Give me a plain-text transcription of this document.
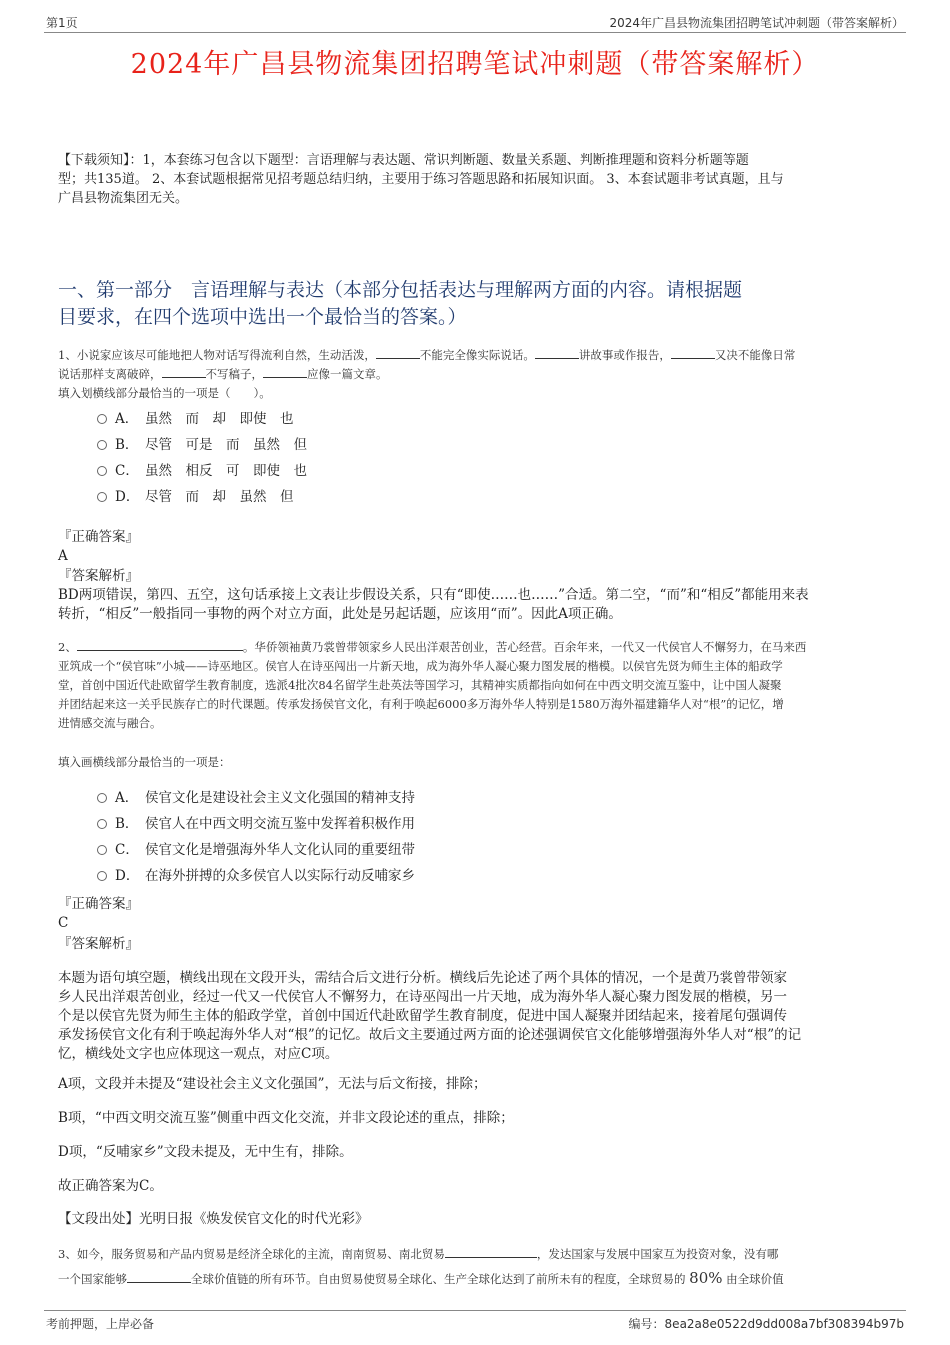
第1页	2024年广昌县物流集团招聘笔试冲刺题（带答案解析）
2024年广昌县物流集团招聘笔试冲刺题（带答案解析）
【下载须知】：1，本套练习包含以下题型：言语理解与表达题、常识判断题、数量关系题、判断推理题和资料分析题等题
型；共135道。 2、本套试题根据常见招考题总结归纳，主要用于练习答题思路和拓展知识面。 3、本套试题非考试真题，且与
广昌县物流集团无关。
一、第一部分　言语理解与表达（本部分包括表达与理解两方面的内容。请根据题
目要求，在四个选项中选出一个最恰当的答案。）
1、小说家应该尽可能地把人物对话写得流利自然，生动活泼，	不能完全像实际说话。	讲故事或作报告，	又决不能像日常
说话那样支离破碎，	不写稿子，	应像一篇文章。
填入划横线部分最恰当的一项是（　　）。
A． 虽然　而　却　即使　也
B． 尽管　可是　而　虽然　但
C． 虽然　相反　可　即使　也
D． 尽管　而　却　虽然　但
『正确答案』
A
『答案解析』
BD两项错误，第四、五空，这句话承接上文表让步假设关系，只有“即使……也……”合适。第二空，“而”和“相反”都能用来表
转折，“相反”一般指同一事物的两个对立方面，此处是另起话题，应该用“而”。因此A项正确。
2、	。华侨领袖黄乃裳曾带领家乡人民出洋艰苦创业，苦心经营。百余年来，一代又一代侯官人不懈努力，在马来西
亚筑成一个“侯官味”小城——诗巫地区。侯官人在诗巫闯出一片新天地，成为海外华人凝心聚力图发展的楷模。以侯官先贤为师生主体的船政学
堂，首创中国近代赴欧留学生教育制度，选派4批次84名留学生赴英法等国学习，其精神实质都指向如何在中西文明交流互鉴中，让中国人凝聚
并团结起来这一关乎民族存亡的时代课题。传承发扬侯官文化，有利于唤起6000多万海外华人特别是1580万海外福建籍华人对“根”的记忆，增
进情感交流与融合。
填入画横线部分最恰当的一项是：
A． 侯官文化是建设社会主义文化强国的精神支持
B． 侯官人在中西文明交流互鉴中发挥着积极作用
C． 侯官文化是增强海外华人文化认同的重要纽带
D． 在海外拼搏的众多侯官人以实际行动反哺家乡
『正确答案』
C
『答案解析』
本题为语句填空题，横线出现在文段开头，需结合后文进行分析。横线后先论述了两个具体的情况，一个是黄乃裳曾带领家
乡人民出洋艰苦创业，经过一代又一代侯官人不懈努力，在诗巫闯出一片天地，成为海外华人凝心聚力图发展的楷模，另一
个是以侯官先贤为师生主体的船政学堂，首创中国近代赴欧留学生教育制度，促进中国人凝聚并团结起来，接着尾句强调传
承发扬侯官文化有利于唤起海外华人对“根”的记忆。故后文主要通过两方面的论述强调侯官文化能够增强海外华人对“根”的记
忆，横线处文字也应体现这一观点，对应C项。
A项，文段并未提及“建设社会主义文化强国”，无法与后文衔接，排除；
B项，“中西文明交流互鉴”侧重中西文化交流，并非文段论述的重点，排除；
D项，“反哺家乡”文段未提及，无中生有，排除。
故正确答案为C。
【文段出处】光明日报《焕发侯官文化的时代光彩》
3、如今，服务贸易和产品内贸易是经济全球化的主流，南南贸易、南北贸易	，发达国家与发展中国家互为投资对象，没有哪
一个国家能够	全球价值链的所有环节。自由贸易使贸易全球化、生产全球化达到了前所未有的程度，全球贸易的 80% 由全球价值
考前押题，上岸必备	编号：8ea2a8e0522d9dd008a7bf308394b97b
